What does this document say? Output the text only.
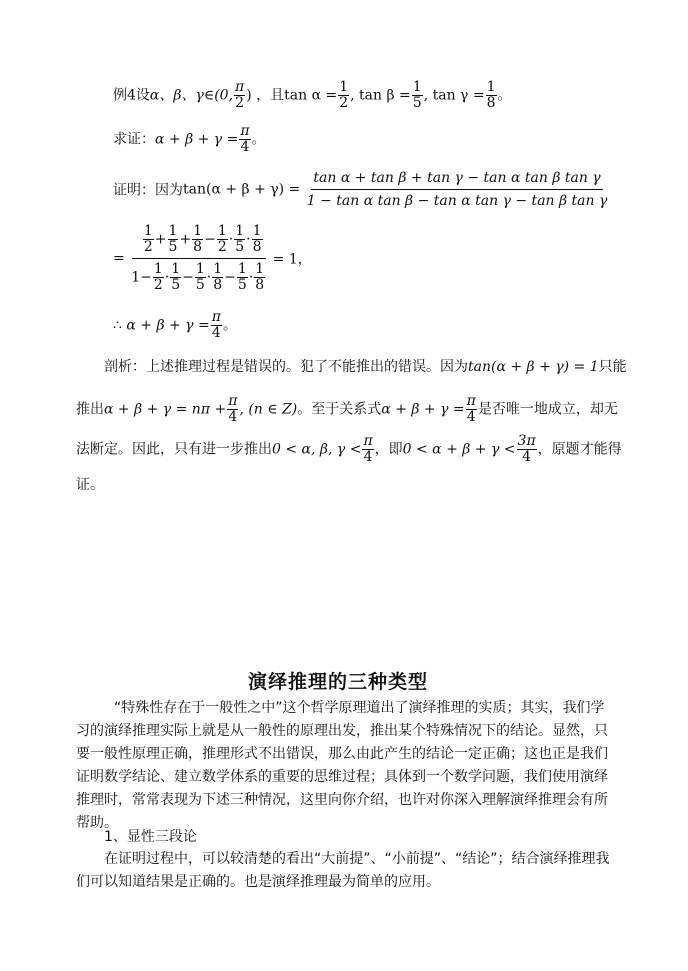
例4设α、β、γ∈(0, $\frac{\pi}{2}$ ) ，且$\tan \alpha = \frac{1}{2}$ , $\tan \beta = \frac{1}{5}$ , $\tan \gamma = \frac{1}{8}$ 。
求证：$\alpha + \beta + \gamma = \frac{\pi}{4}$ 。
证明：因为$\tan(\alpha + \beta + \gamma) = \frac{\text{tan α + tan β + tan γ − tan α tan β tan γ}}{\text{1 − tan α tan β − tan α tan γ − tan β tan γ}}$
= $\frac{\frac{1}{2} + \frac{1}{5} + \frac{1}{8} - \frac{1}{2} \cdot \frac{1}{5} \cdot \frac{1}{8}}{1- \frac{1}{2} \cdot \frac{1}{5} - \frac{1}{5} \cdot \frac{1}{8} - \frac{1}{5} \cdot \frac{1}{8}} = 1$，
∴ $\alpha + \beta + \gamma = \frac{\pi}{4}$ 。
剖析：上述推理过程是错误的。犯了不能推出的错误。因为tan(α + β + γ) = 1只能
推出$\alpha + \beta + \gamma = n\pi + \frac{\pi}{4}$ , (n ∈ Z)。至于关系式$\alpha + \beta + \gamma = \frac{\pi}{4}$ 是否唯一地成立，却无
法断定。因此，只有进一步推出0 < α, β, $\gamma < \frac{\pi}{4}$ ，即$0 < \alpha + \beta + \gamma < \frac{3\pi}{4}$ ，原题才能得
证。
演绎推理的三种类型
“特殊性存在于一般性之中”这个哲学原理道出了演绎推理的实质；其实，我们学
习的演绎推理实际上就是从一般性的原理出发，推出某个特殊情况下的结论。显然，只
要一般性原理正确，推理形式不出错误，那么由此产生的结论一定正确；这也正是我们
证明数学结论、建立数学体系的重要的思维过程；具体到一个数学问题，我们使用演绎
推理时，常常表现为下述三种情况，这里向你介绍，也许对你深入理解演绎推理会有所
帮助。
1、显性三段论
在证明过程中，可以较清楚的看出“大前提”、“小前提”、“结论”；结合演绎推理我
们可以知道结果是正确的。也是演绎推理最为简单的应用。
